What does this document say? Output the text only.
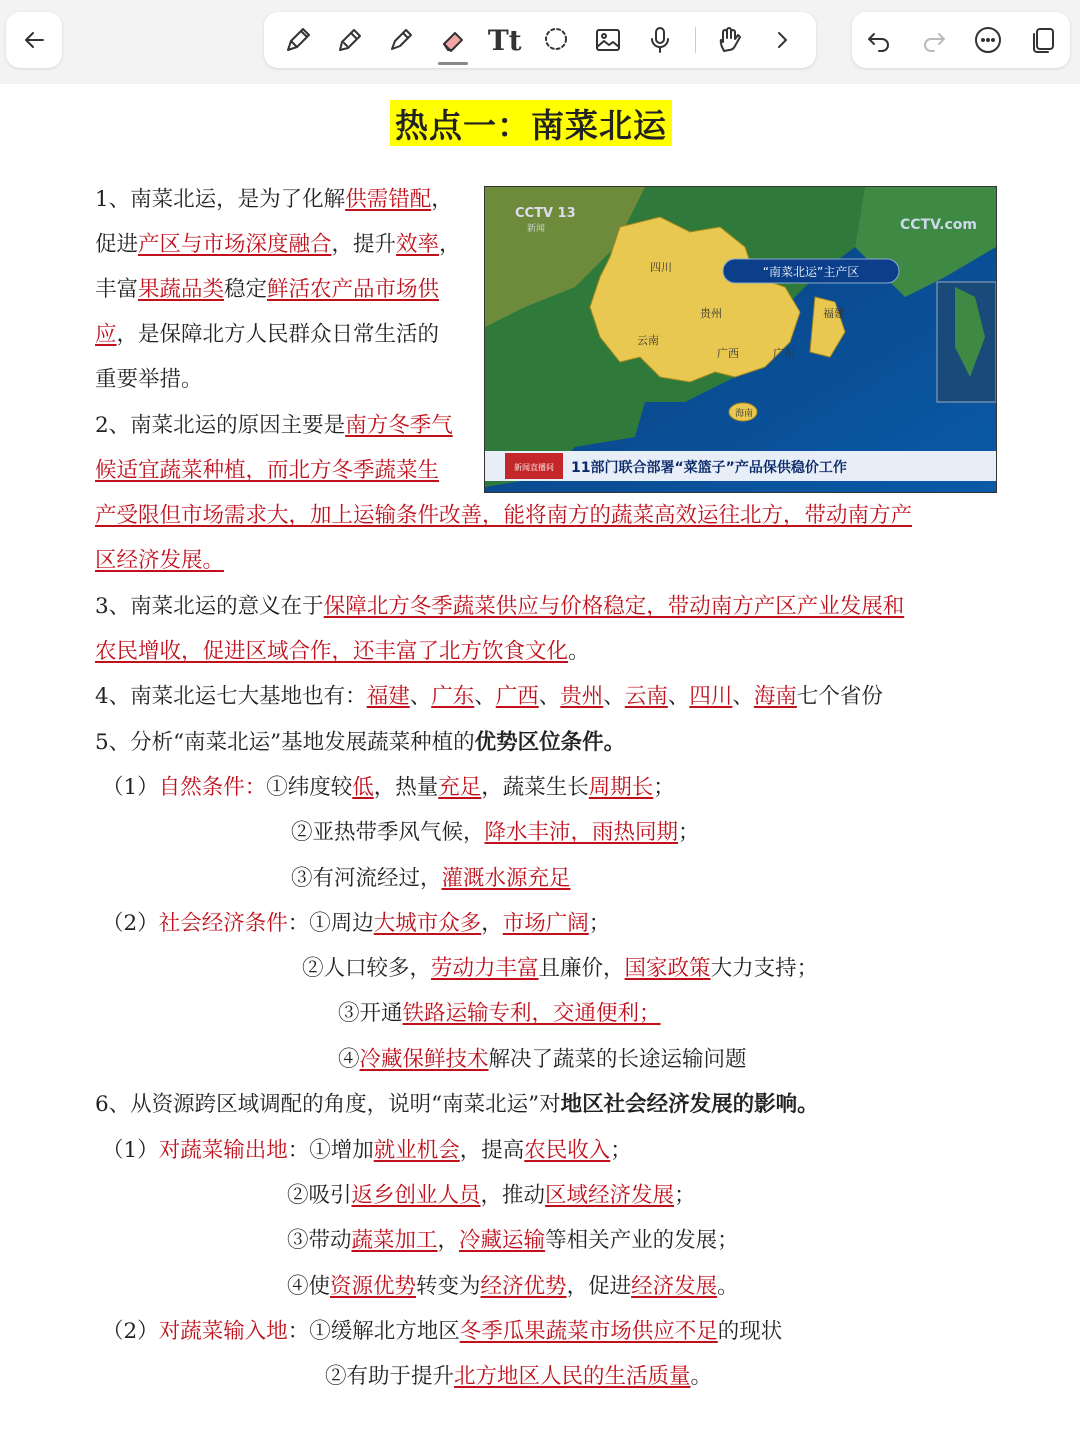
Tt
热点一：南菜北运
“南菜北运”主产区
CCTV 13
新闻	CCTV.com
四川
贵州
云南
广西	广东
福建
海南
新闻直播间 11部门联合部署“菜篮子”产品保供稳价工作
1、南菜北运，是为了化解供需错配，
促进产区与市场深度融合，提升效率，
丰富果蔬品类稳定鲜活农产品市场供
应，是保障北方人民群众日常生活的
重要举措。
2、南菜北运的原因主要是南方冬季气
候适宜蔬菜种植，而北方冬季蔬菜生
产受限但市场需求大，加上运输条件改善，能将南方的蔬菜高效运往北方，带动南方产
区经济发展。
3、南菜北运的意义在于保障北方冬季蔬菜供应与价格稳定，带动南方产区产业发展和
农民增收，促进区域合作，还丰富了北方饮食文化。
4、南菜北运七大基地也有：福建、广东、广西、贵州、云南、四川、海南七个省份
5、分析“南菜北运”基地发展蔬菜种植的优势区位条件。
（1）自然条件：①纬度较低，热量充足，蔬菜生长周期长；
②亚热带季风气候，降水丰沛，雨热同期；
③有河流经过，灌溉水源充足
（2）社会经济条件：①周边大城市众多，市场广阔；
②人口较多，劳动力丰富且廉价，国家政策大力支持；
③开通铁路运输专利，交通便利；
④冷藏保鲜技术解决了蔬菜的长途运输问题
6、从资源跨区域调配的角度，说明“南菜北运”对地区社会经济发展的影响。
（1）对蔬菜输出地：①增加就业机会，提高农民收入；
②吸引返乡创业人员，推动区域经济发展；
③带动蔬菜加工，冷藏运输等相关产业的发展；
④使资源优势转变为经济优势，促进经济发展。
（2）对蔬菜输入地：①缓解北方地区冬季瓜果蔬菜市场供应不足的现状
②有助于提升北方地区人民的生活质量。
